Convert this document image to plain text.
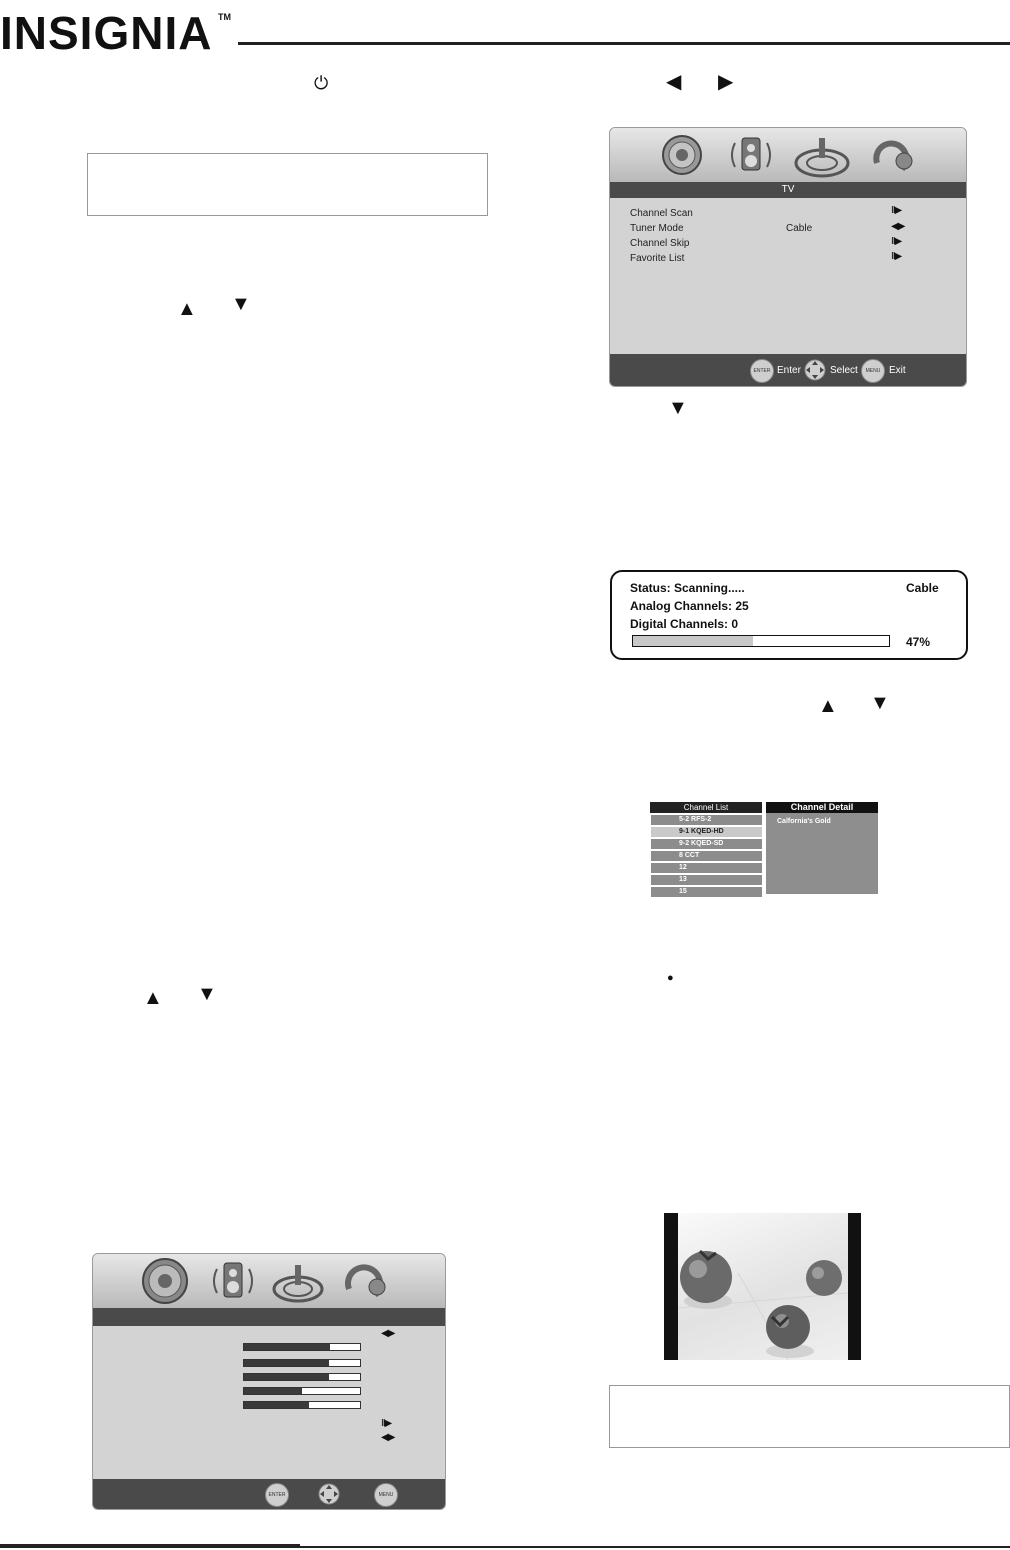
INSIGNIA TM
⏻
▲ ▼
▲ ▼
◀▶
II▶
◀▶
ENTER	MENU
◀ ▶
TV
Channel Scan	II▶
Tuner Mode	Cable	◀▶
Channel Skip	II▶
Favorite List	II▶
ENTER Enter	Select	MENU Exit
▼
Status: Scanning.....	Cable
Analog Channels: 25
Digital Channels: 0
47%
▲ ▼
Channel List
5-2 RFS-2
9-1 KQED-HD
9-2 KQED-SD
8 CCT
12
13
15
Channel Detail
Calfornia's Gold
●
